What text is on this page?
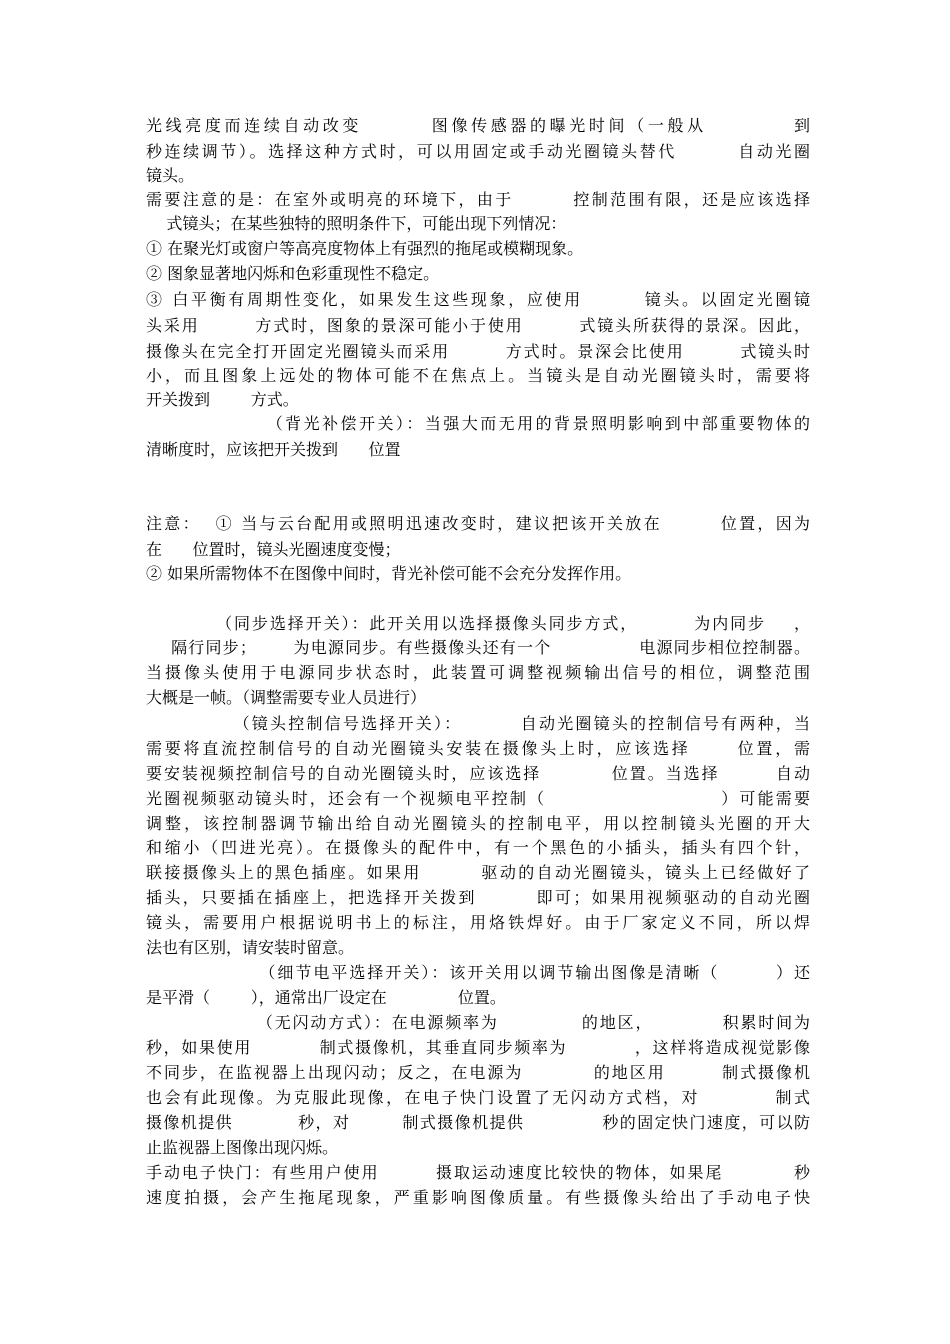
光线亮度而连续自动改变        图像传感器的曝光时间（一般从          到
秒连续调节）。选择这种方式时，可以用固定或手动光圈镜头替代        自动光圈
镜头。
需要注意的是：在室外或明亮的环境下，由于        控制范围有限，还是应该选择
式镜头；在某些独特的照明条件下，可能出现下列情况：
① 在聚光灯或窗户等高亮度物体上有强烈的拖尾或模糊现象。
② 图象显著地闪烁和色彩重现性不稳定。
③ 白平衡有周期性变化，如果发生这些现象，应使用        镜头。以固定光圈镜
头采用        方式时，图象的景深可能小于使用        式镜头所获得的景深。因此，
摄像头在完全打开固定光圈镜头而采用        方式时。景深会比使用        式镜头时
小，而且图象上远处的物体可能不在焦点上。当镜头是自动光圈镜头时，需要将
开关拨到        方式。
（背光补偿开关）：当强大而无用的背景照明影响到中部重要物体的
清晰度时，应该把开关拨到      位置
注意：  ① 当与云台配用或照明迅速改变时，建议把该开关放在        位置，因为
在      位置时，镜头光圈速度变慢；
② 如果所需物体不在图像中间时，背光补偿可能不会充分发挥作用。
（同步选择开关）：此开关用以选择摄像头同步方式，        为内同步    ，
隔行同步；      为电源同步。有些摄像头还有一个              电源同步相位控制器。
当摄像头使用于电源同步状态时，此装置可调整视频输出信号的相位，调整范围
大概是一帧。（调整需要专业人员进行）
（镜头控制信号选择开关）：        自动光圈镜头的控制信号有两种，当
需要将直流控制信号的自动光圈镜头安装在摄像头上时，应该选择      位置，需
要安装视频控制信号的自动光圈镜头时，应该选择          位置。当选择        自动
光圈视频驱动镜头时，还会有一个视频电平控制（                        ）可能需要
调整，该控制器调节输出给自动光圈镜头的控制电平，用以控制镜头光圈的开大
和缩小（凹进光亮）。在摄像头的配件中，有一个黑色的小插头，插头有四个针，
联接摄像头上的黑色插座。如果用        驱动的自动光圈镜头，镜头上已经做好了
插头，只要插在插座上，把选择开关拨到        即可；如果用视频驱动的自动光圈
镜头，需要用户根据说明书上的标注，用烙铁焊好。由于厂家定义不同，所以焊
法也有区别，请安装时留意。
（细节电平选择开关）：该开关用以调节输出图像是清晰（        ）还
是平滑（        ），通常出厂设定在              位置。
（无闪动方式）：在电源频率为            的地区，          积累时间为
秒，如果使用          制式摄像机，其垂直同步频率为          ，这样将造成视觉影像
不同步，在监视器上出现闪动；反之，在电源为          的地区用        制式摄像机
也会有此现像。为克服此现像，在电子快门设置了无闪动方式档，对          制式
摄像机提供          秒，对        制式摄像机提供            秒的固定快门速度，可以防
止监视器上图像出现闪烁。
手动电子快门：有些用户使用        摄取运动速度比较快的物体，如果尾          秒
速度拍摄，会产生拖尾现象，严重影响图像质量。有些摄像头给出了手动电子快
